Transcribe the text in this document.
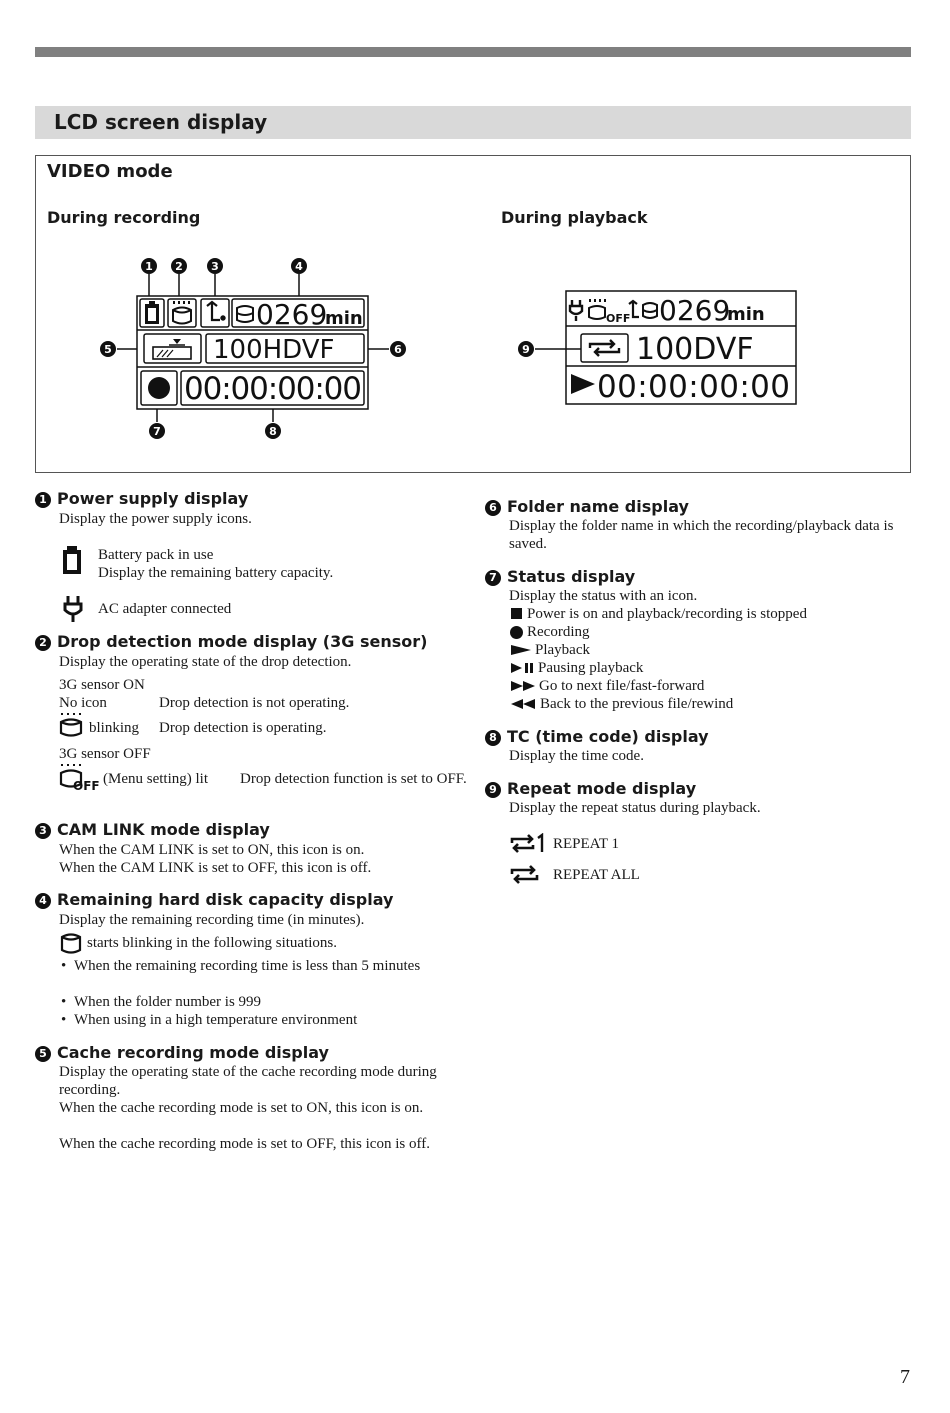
LCD screen display
VIDEO mode
During recording	During playback
0269
min
100HDVF
00:00:00:00
1 2	3	4
5	6
7	8
9
OFF 0269
min
100DVF
00:00:00:00
1 Power supply display
Display the power supply icons.
Battery pack in use
Display the remaining battery capacity.
AC adapter connected
2 Drop detection mode display (3G sensor)
Display the operating state of the drop detection.
3G sensor ON
No icon	Drop detection is not operating.
blinking Drop detection is operating.
3G sensor OFF
OFF (Menu setting) lit Drop detection function is set to OFF.
3 CAM LINK mode display
When the CAM LINK is set to ON, this icon is on.
When the CAM LINK is set to OFF, this icon is off.
4 Remaining hard disk capacity display
Display the remaining recording time (in minutes).
starts blinking in the following situations.
• When the remaining recording time is less than 5 minutes
• When the folder number is 999
• When using in a high temperature environment
5 Cache recording mode display
Display the operating state of the cache recording mode during recording.
When the cache recording mode is set to ON, this icon is on.
When the cache recording mode is set to OFF, this icon is off.
6 Folder name display
Display the folder name in which the recording/playback data is saved.
7 Status display
Display the status with an icon.
Power is on and playback/recording is stopped
Recording
Playback
Pausing playback
Go to next file/fast-forward
Back to the previous file/rewind
8 TC (time code) display
Display the time code.
9 Repeat mode display
Display the repeat status during playback.
REPEAT 1
REPEAT ALL
7
